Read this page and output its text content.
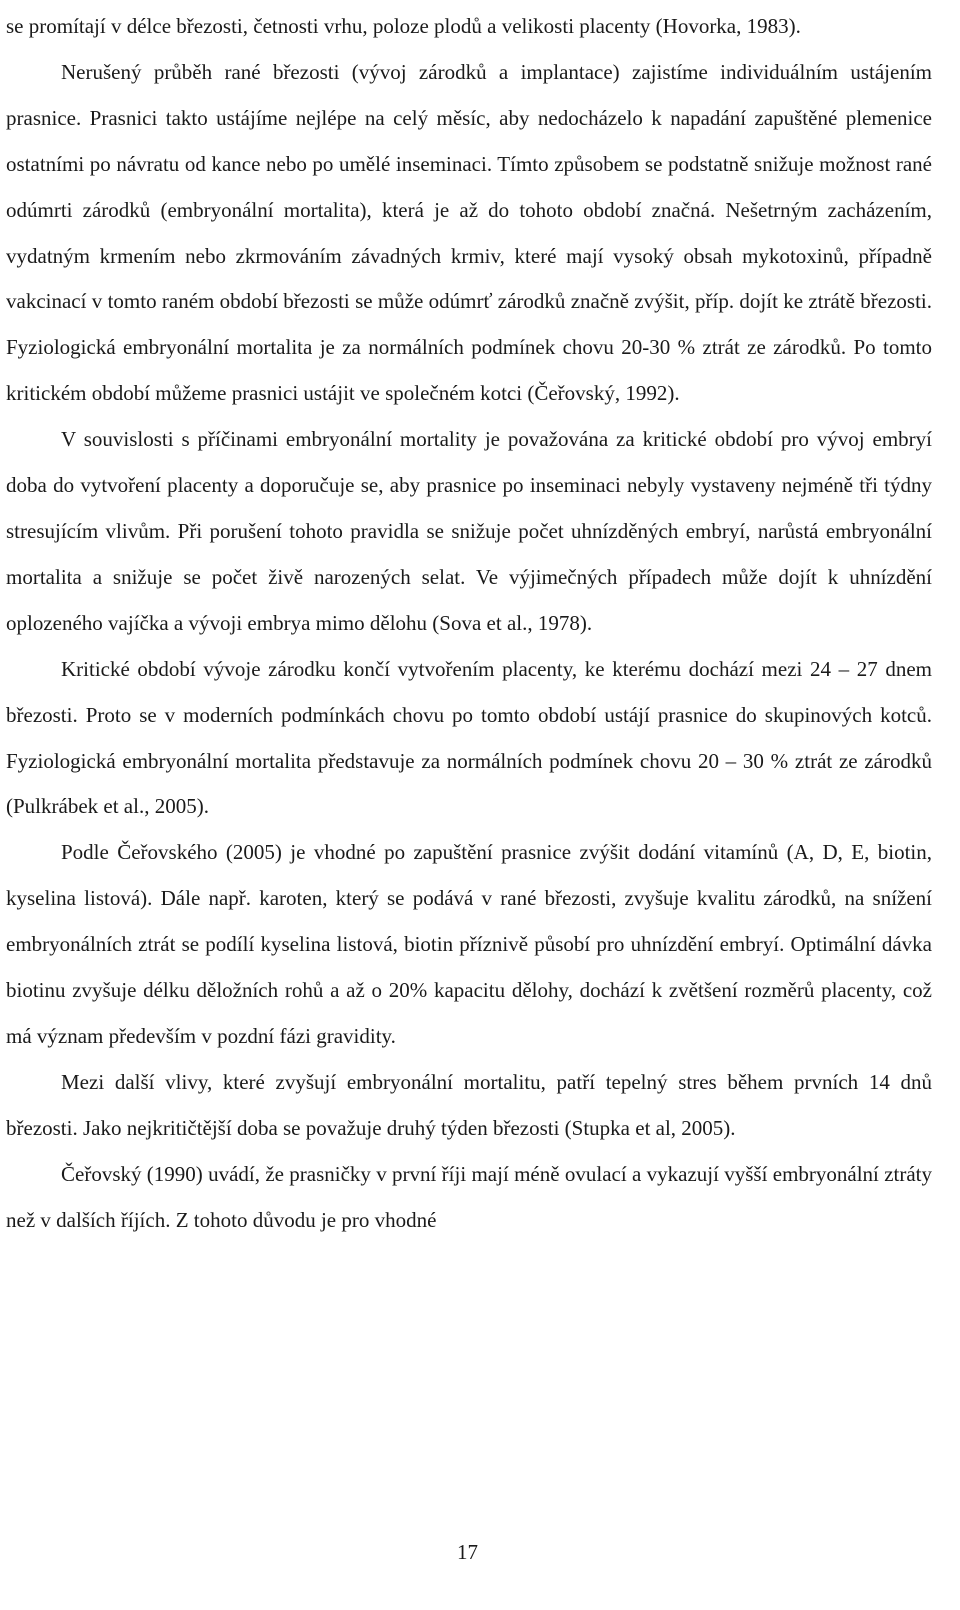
se promítají v délce březosti, četnosti vrhu, poloze plodů a velikosti placenty (Hovorka, 1983).

Nerušený průběh rané březosti (vývoj zárodků a implantace) zajistíme individuálním ustájením prasnice. Prasnici takto ustájíme nejlépe na celý měsíc, aby nedocházelo k napadání zapuštěné plemenice ostatními po návratu od kance nebo po umělé inseminaci. Tímto způsobem se podstatně snižuje možnost rané odúmrti zárodků (embryonální mortalita), která je až do tohoto období značná. Nešetrným zacházením, vydatným krmením nebo zkrmováním závadných krmiv, které mají vysoký obsah mykotoxinů, případně vakcinací v tomto raném období březosti se může odúmrť zárodků značně zvýšit, příp. dojít ke ztrátě březosti. Fyziologická embryonální mortalita je za normálních podmínek chovu 20-30 % ztrát ze zárodků. Po tomto kritickém období můžeme prasnici ustájit ve společném kotci (Čeřovský, 1992).

V souvislosti s příčinami embryonální mortality je považována za kritické období pro vývoj embryí doba do vytvoření placenty a doporučuje se, aby prasnice po inseminaci nebyly vystaveny nejméně tři týdny stresujícím vlivům. Při porušení tohoto pravidla se snižuje počet uhnízděných embryí, narůstá embryonální mortalita a snižuje se počet živě narozených selat. Ve výjimečných případech může dojít k uhnízdění oplozeného vajíčka a vývoji embrya mimo dělohu (Sova et al., 1978).

Kritické období vývoje zárodku končí vytvořením placenty, ke kterému dochází mezi 24 – 27 dnem březosti. Proto se v moderních podmínkách chovu po tomto období ustájí prasnice do skupinových kotců. Fyziologická embryonální mortalita představuje za normálních podmínek chovu 20 – 30 % ztrát ze zárodků (Pulkrábek et al., 2005).

Podle Čeřovského (2005) je vhodné po zapuštění prasnice zvýšit dodání vitamínů (A, D, E, biotin, kyselina listová). Dále např. karoten, který se podává v rané březosti, zvyšuje kvalitu zárodků, na snížení embryonálních ztrát se podílí kyselina listová, biotin příznivě působí pro uhnízdění embryí. Optimální dávka biotinu zvyšuje délku děložních rohů a až o 20% kapacitu dělohy, dochází k zvětšení rozměrů placenty, což má význam především v pozdní fázi gravidity.

Mezi další vlivy, které zvyšují embryonální mortalitu, patří tepelný stres během prvních 14 dnů březosti. Jako nejkritičtější doba se považuje druhý týden březosti (Stupka et al, 2005).

Čeřovský (1990) uvádí, že prasničky v první říji mají méně ovulací a vykazují vyšší embryonální ztráty než v dalších říjích. Z tohoto důvodu je pro vhodné

17
